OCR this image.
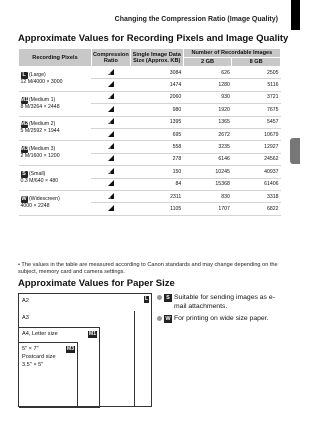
Changing the Compression Ratio (Image Quality)
Approximate Values for Recording Pixels and Image Quality
Recording Pixels	Compression Ratio	Single Image Data Size (Approx. KB)	Number of Recordable Images	
			2 GB	8 GB
L (Large)
12 M/4000 × 3000		3084	626	2505
	1474	1280	5116
M1 (Medium 1)
8 M/3264 × 2448		2060	930	3721
	980	1920	7675
M2 (Medium 2)
5 M/2592 × 1944		1395	1365	5457
	695	2672	10679
M3 (Medium 3)
2 M/1600 × 1200		558	3235	12927
	278	6146	24562
S (Small)
0.3 M/640 × 480		150	10245	40937
	84	15368	61406
W (Widescreen)
4000 × 2248		2311	830	3318
	1105	1707	6822
• The values in the table are measured according to Canon standards and may change depending on the subject, memory card and camera settings.
Approximate Values for Paper Size
A2	L
A3
A4, Letter size	M1
5" × 7"
Postcard size
3.5" × 5"
M3
S Suitable for sending images as e-mail attachments.
W For printing on wide size paper.
